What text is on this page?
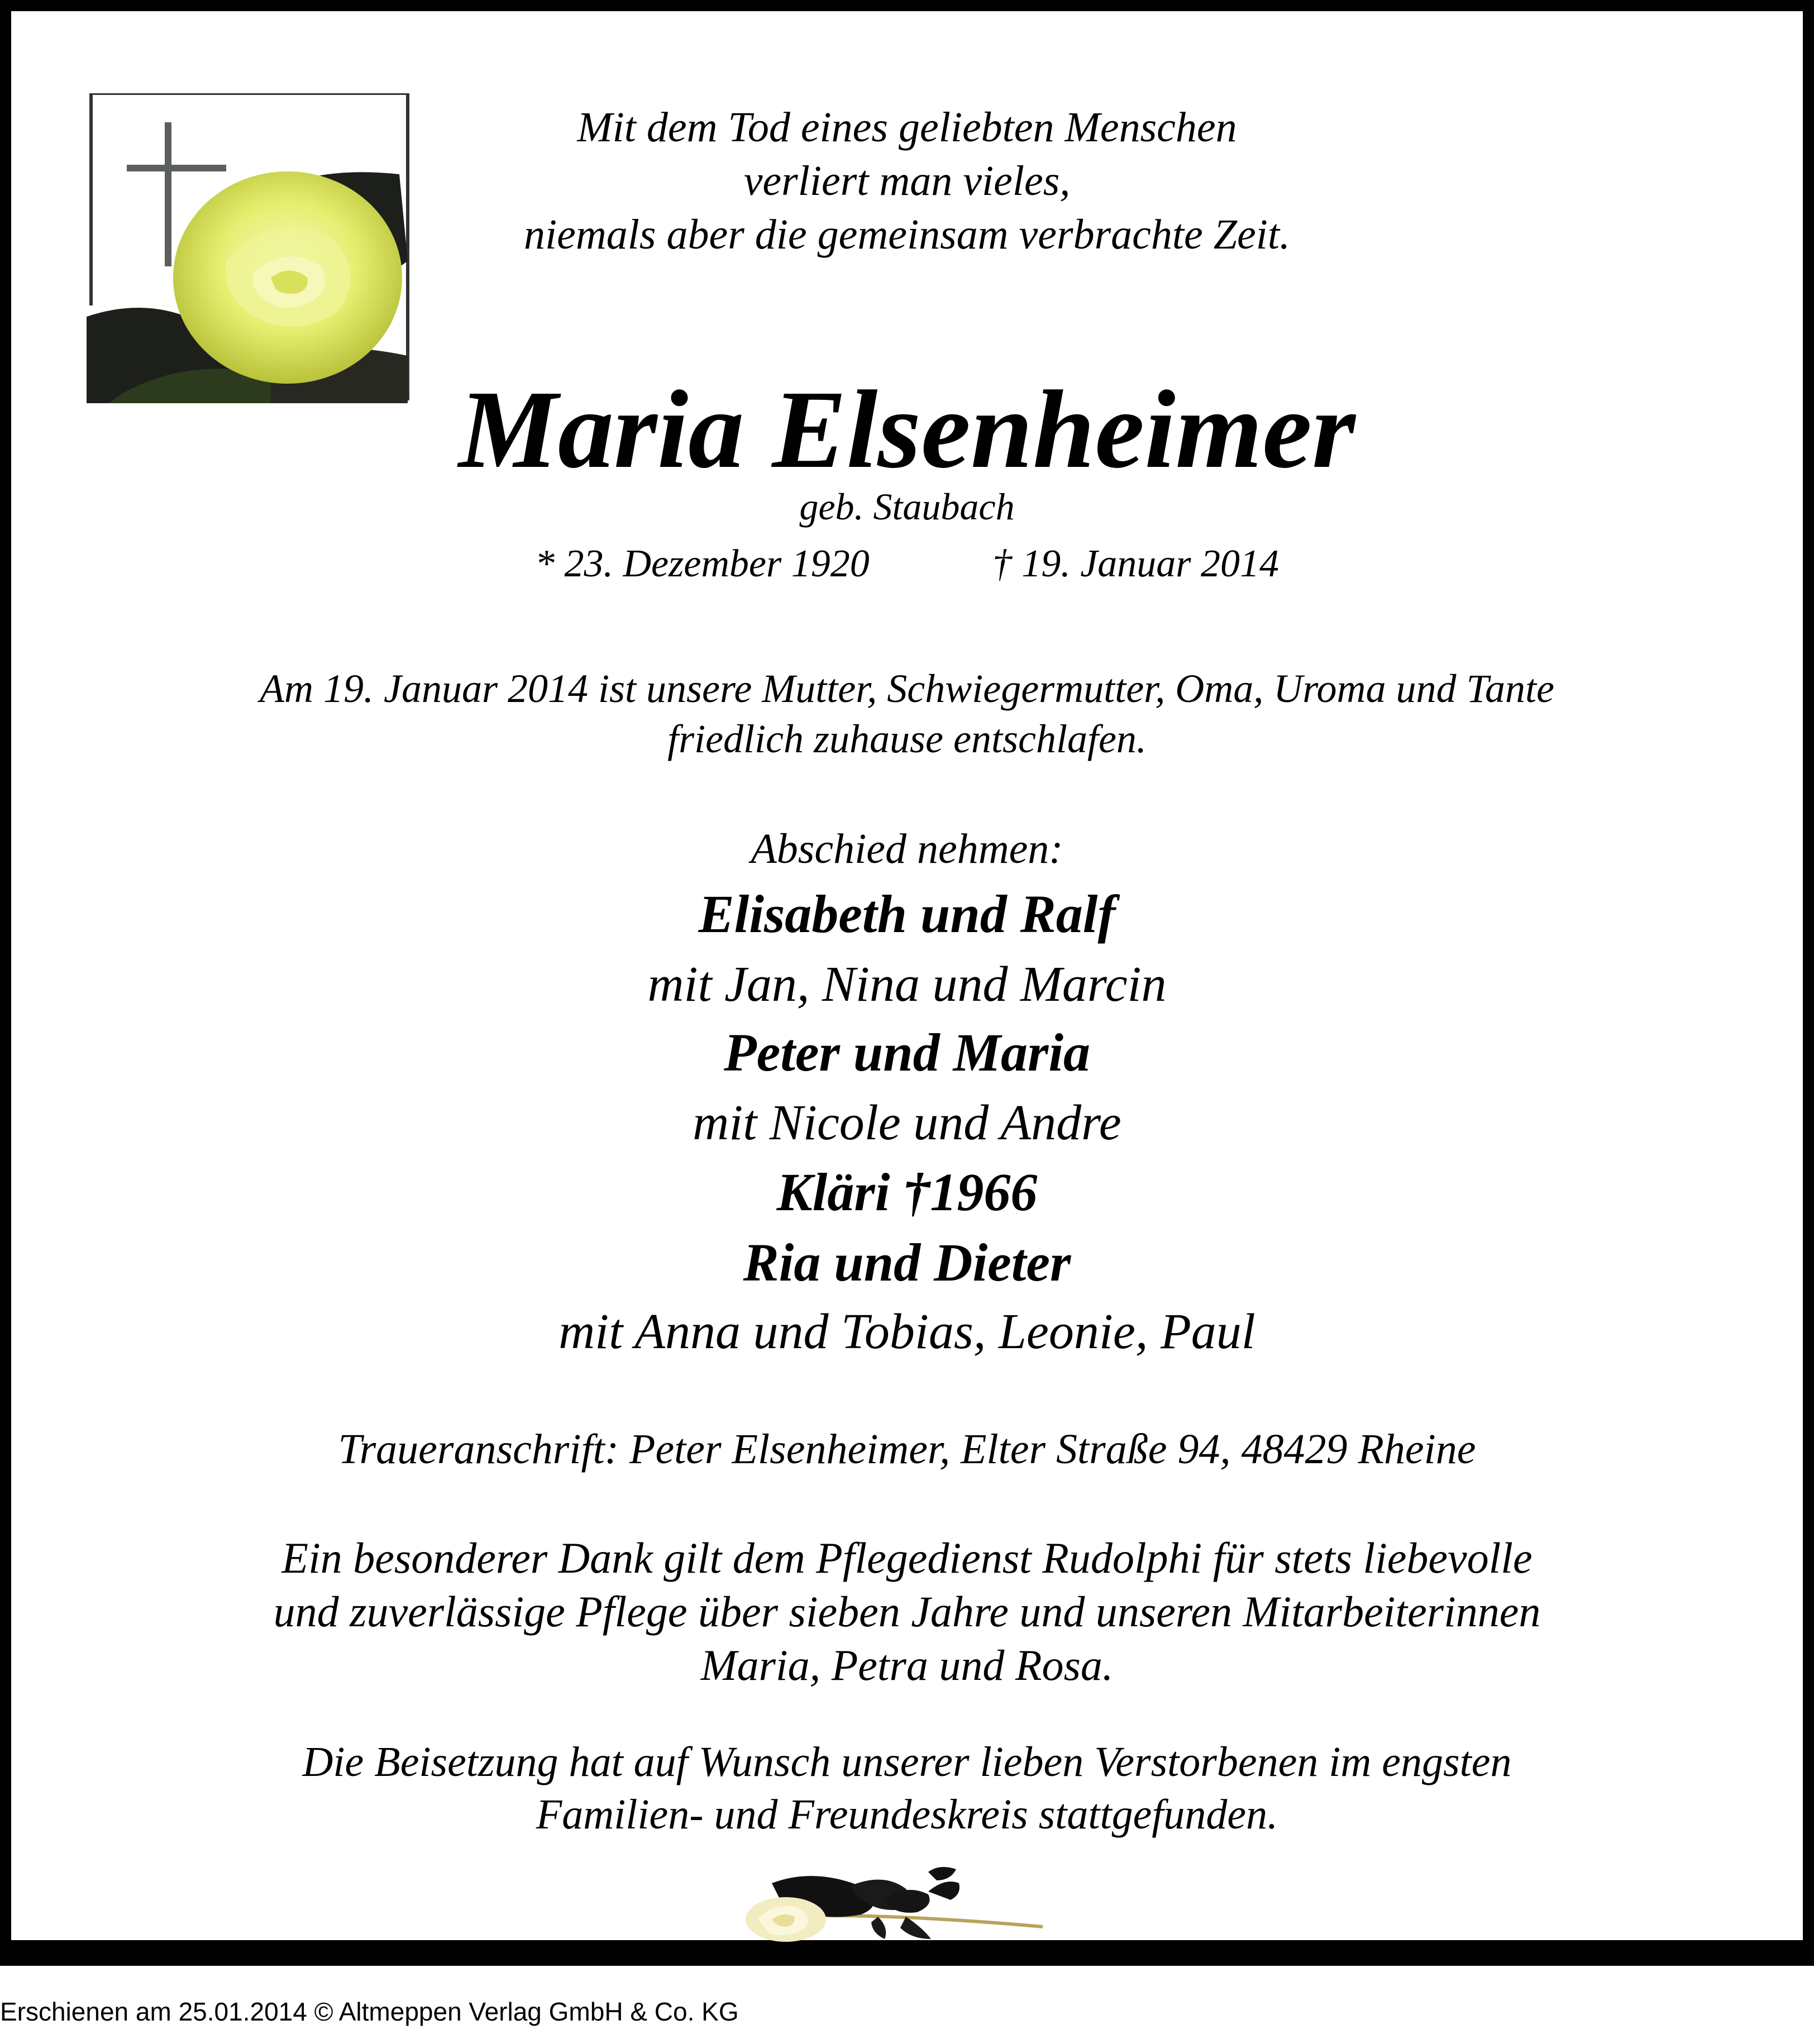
Mit dem Tod eines geliebten Menschen
verliert man vieles,
niemals aber die gemeinsam verbrachte Zeit.
Maria Elsenheimer
geb. Staubach
* 23. Dezember 1920	† 19. Januar 2014
Am 19. Januar 2014 ist unsere Mutter, Schwiegermutter, Oma, Uroma und Tante
friedlich zuhause entschlafen.
Abschied nehmen:
Elisabeth und Ralf
mit Jan, Nina und Marcin
Peter und Maria
mit Nicole und Andre
Kläri †1966
Ria und Dieter
mit Anna und Tobias, Leonie, Paul
Traueranschrift: Peter Elsenheimer, Elter Straße 94, 48429 Rheine
Ein besonderer Dank gilt dem Pflegedienst Rudolphi für stets liebevolle
und zuverlässige Pflege über sieben Jahre und unseren Mitarbeiterinnen
Maria, Petra und Rosa.
Die Beisetzung hat auf Wunsch unserer lieben Verstorbenen im engsten
Familien- und Freundeskreis stattgefunden.
Erschienen am 25.01.2014 © Altmeppen Verlag GmbH & Co. KG
